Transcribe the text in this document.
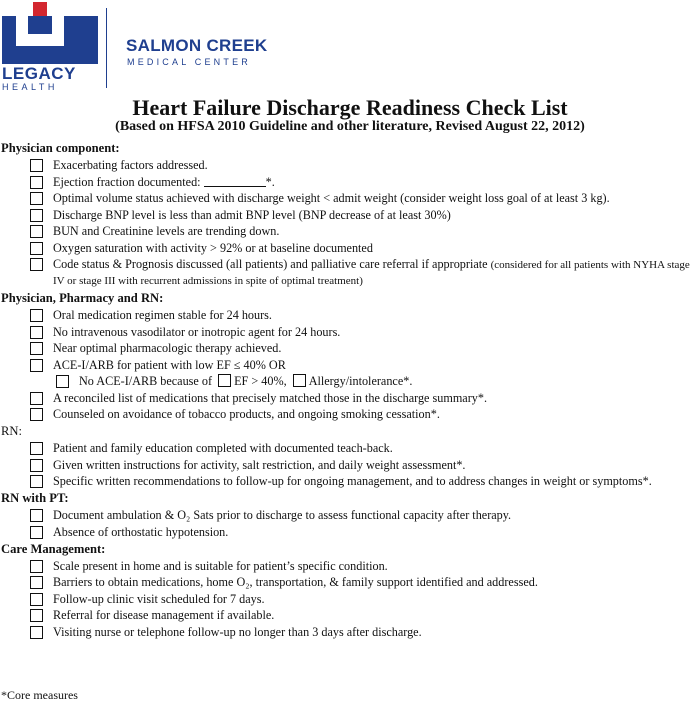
LEGACY
HEALTH
SALMON CREEK
MEDICAL CENTER
Heart Failure Discharge Readiness Check List
(Based on HFSA 2010 Guideline and other literature, Revised August 22, 2012)
Physician component:
Exacerbating factors addressed.
Ejection fraction documented:	*.
Optimal volume status achieved with discharge weight < admit weight (consider weight loss goal of at least 3 kg).
Discharge BNP level is less than admit BNP level (BNP decrease of at least 30%)
BUN and Creatinine levels are trending down.
Oxygen saturation with activity > 92% or at baseline documented
Code status & Prognosis discussed (all patients) and palliative care referral if appropriate (considered for all patients with NYHA stage IV or stage III with recurrent admissions in spite of optimal treatment)
Physician, Pharmacy and RN:
Oral medication regimen stable for 24 hours.
No intravenous vasodilator or inotropic agent for 24 hours.
Near optimal pharmacologic therapy achieved.
ACE-I/ARB for patient with low EF ≤ 40% OR
No ACE-I/ARB because of EF > 40%, Allergy/intolerance*.
A reconciled list of medications that precisely matched those in the discharge summary*.
Counseled on avoidance of tobacco products, and ongoing smoking cessation*.
RN:
Patient and family education completed with documented teach-back.
Given written instructions for activity, salt restriction, and daily weight assessment*.
Specific written recommendations to follow-up for ongoing management, and to address changes in weight or symptoms*.
RN with PT:
Document ambulation & O₂ Sats prior to discharge to assess functional capacity after therapy.
Absence of orthostatic hypotension.
Care Management:
Scale present in home and is suitable for patient’s specific condition.
Barriers to obtain medications, home O₂, transportation, & family support identified and addressed.
Follow-up clinic visit scheduled for 7 days.
Referral for disease management if available.
Visiting nurse or telephone follow-up no longer than 3 days after discharge.
*Core measures
